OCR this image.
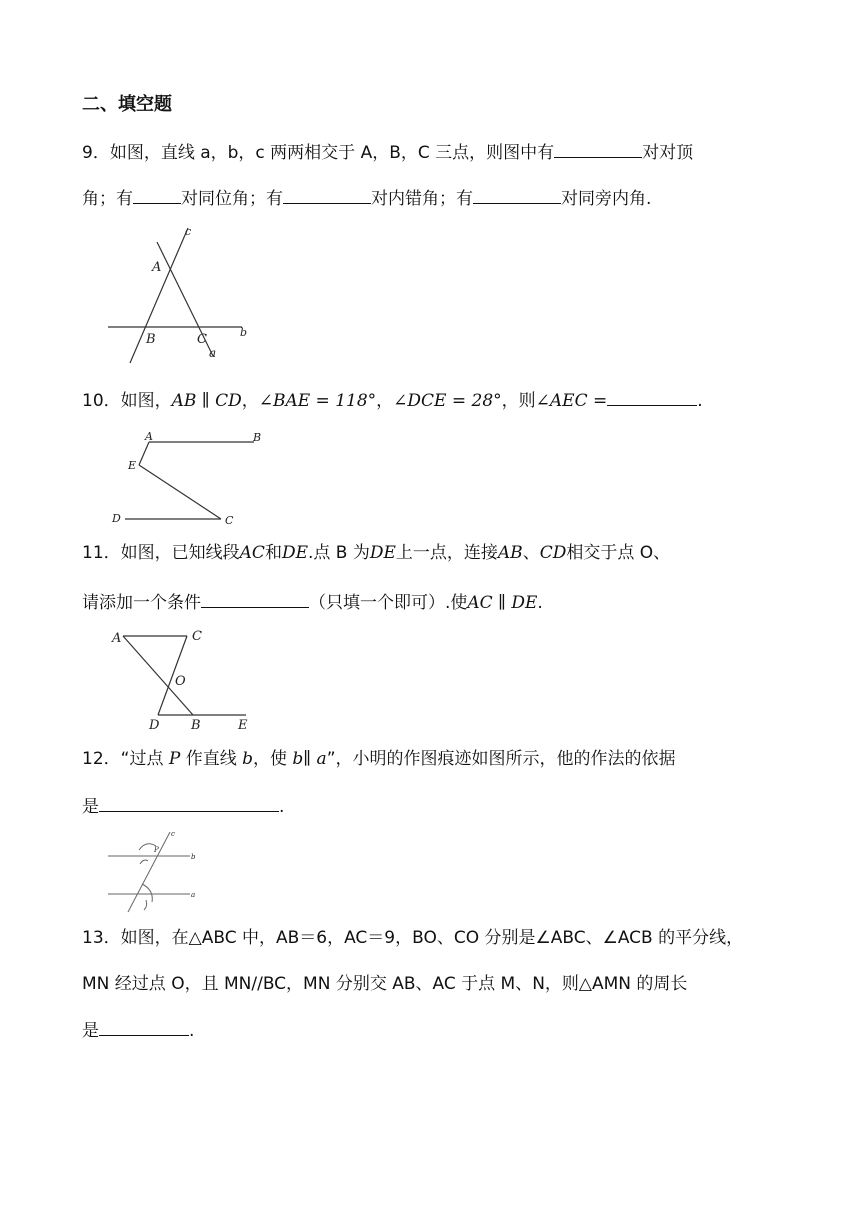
二、填空题
9．如图，直线 a，b，c 两两相交于 A，B，C 三点，则图中有	对对顶
角；有	对同位角；有	对内错角；有	对同旁内角.
c
A
b
B	C
a
10．如图，AB ∥ CD，∠BAE = 118°，∠DCE = 28°，则∠AEC =	.
A	B
E
D	C
11．如图，已知线段AC和DE.点 B 为DE上一点，连接AB、CD相交于点 O、
请添加一个条件	（只填一个即可）.使AC ∥ DE.
A	C
O
D B	E
12．“过点 P 作直线 b，使 b∥ a”，小明的作图痕迹如图所示，他的作法的依据
是	.
c
P
b
a
13．如图，在△ABC 中，AB＝6，AC＝9，BO、CO 分别是∠ABC、∠ACB 的平分线，
MN 经过点 O，且 MN//BC，MN 分别交 AB、AC 于点 M、N，则△AMN 的周长
是	.
